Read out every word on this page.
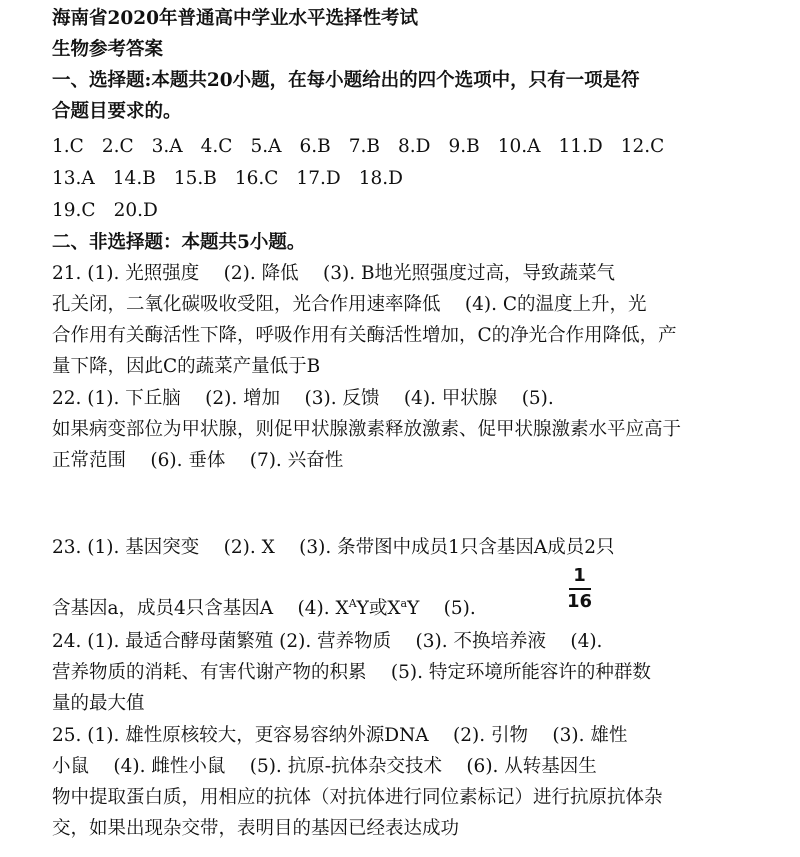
海南省2020年普通高中学业水平选择性考试
生物参考答案
一、选择题:本题共20小题，在每小题给出的四个选项中，只有一项是符
合题目要求的。
1.C 2.C 3.A 4.C 5.A 6.B 7.B 8.D 9.B 10.A 11.D 12.C
13.A 14.B 15.B 16.C 17.D 18.D
19.C 20.D
二、非选择题：本题共5小题。
21. (1). 光照强度　 (2). 降低　 (3). B地光照强度过高，导致蔬菜气
孔关闭，二氧化碳吸收受阻，光合作用速率降低　 (4). C的温度上升，光
合作用有关酶活性下降，呼吸作用有关酶活性增加，C的净光合作用降低，产
量下降，因此C的蔬菜产量低于B
22. (1). 下丘脑　 (2). 增加　 (3). 反馈　 (4). 甲状腺　 (5).
如果病变部位为甲状腺，则促甲状腺激素释放激素、促甲状腺激素水平应高于
正常范围　 (6). 垂体　 (7). 兴奋性
23. (1). 基因突变　 (2). X　 (3). 条带图中成员1只含基因A成员2只
含基因a，成员4只含基因A　 (4). $X^AY$或$X^aY$　 (5).
1
16
24. (1). 最适合酵母菌繁殖 (2). 营养物质　 (3). 不换培养液　 (4).
营养物质的消耗、有害代谢产物的积累　 (5). 特定环境所能容许的种群数
量的最大值
25. (1). 雄性原核较大，更容易容纳外源DNA　 (2). 引物　 (3). 雄性
小鼠　 (4). 雌性小鼠　 (5). 抗原-抗体杂交技术　 (6). 从转基因生
物中提取蛋白质，用相应的抗体（对抗体进行同位素标记）进行抗原抗体杂
交，如果出现杂交带，表明目的基因已经表达成功
